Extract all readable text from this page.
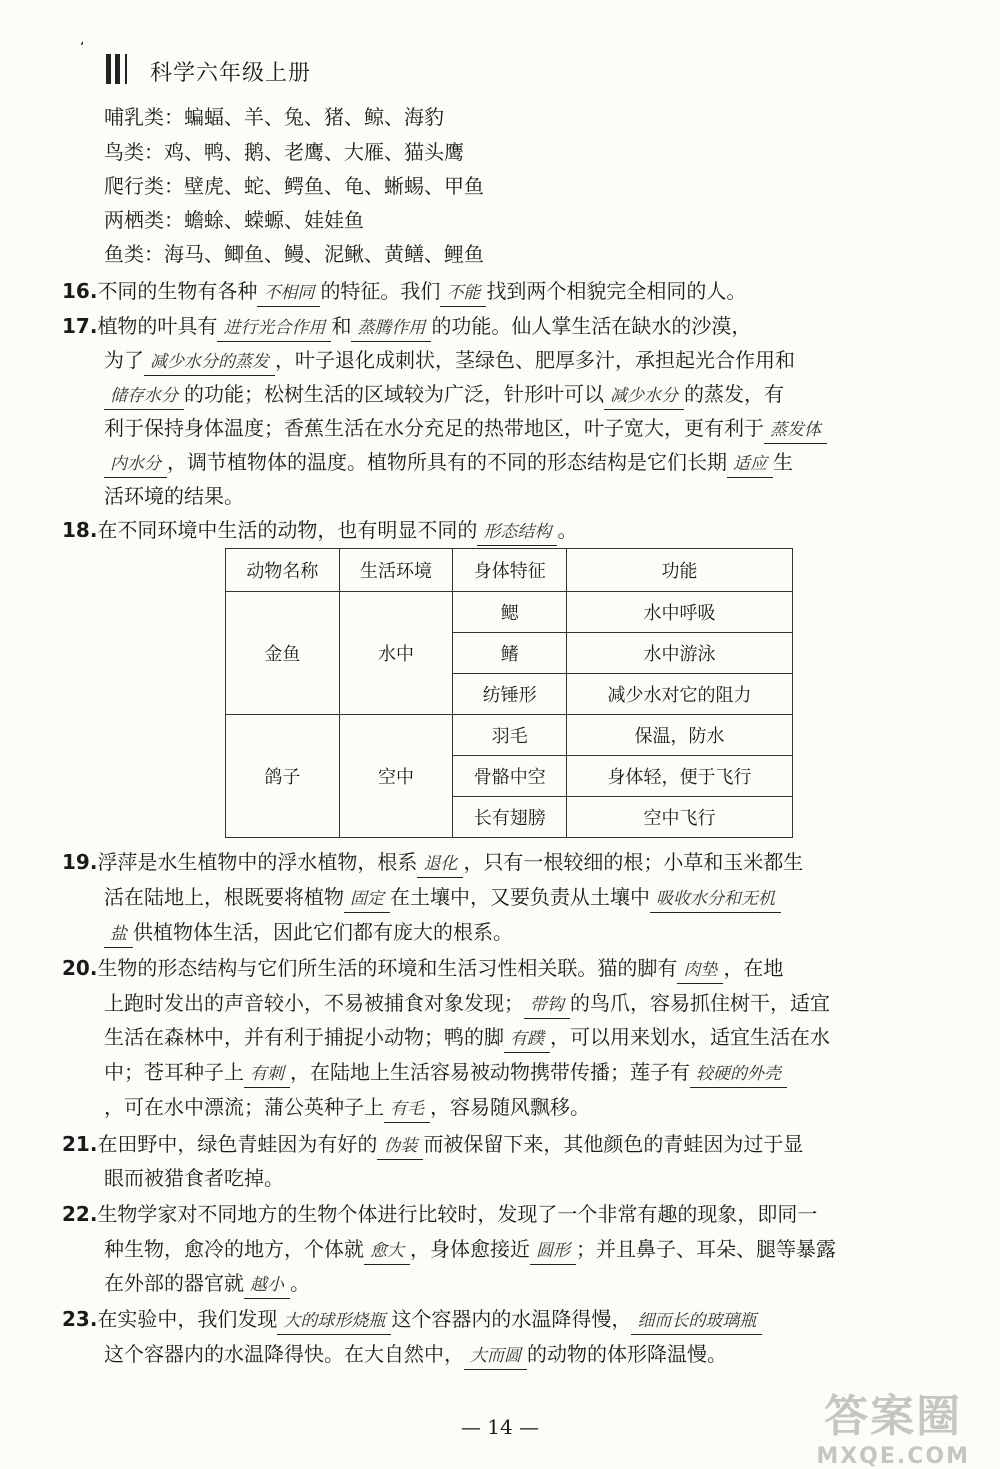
科学六年级上册
ʻ
哺乳类：蝙蝠、羊、兔、猪、鲸、海豹
鸟类：鸡、鸭、鹅、老鹰、大雁、猫头鹰
爬行类：壁虎、蛇、鳄鱼、龟、蜥蜴、甲鱼
两栖类：蟾蜍、蝾螈、娃娃鱼
鱼类：海马、鲫鱼、鳗、泥鳅、黄鳝、鲤鱼
16.不同的生物有各种 不相同 的特征。我们 不能 找到两个相貌完全相同的人。
17.植物的叶具有 进行光合作用 和 蒸腾作用 的功能。仙人掌生活在缺水的沙漠，
为了 减少水分的蒸发 ，叶子退化成刺状，茎绿色、肥厚多汁，承担起光合作用和
储存水分 的功能；松树生活的区域较为广泛，针形叶可以 减少水分 的蒸发，有
利于保持身体温度；香蕉生活在水分充足的热带地区，叶子宽大，更有利于 蒸发体
内水分 ，调节植物体的温度。植物所具有的不同的形态结构是它们长期 适应 生
活环境的结果。
18.在不同环境中生活的动物，也有明显不同的 形态结构 。
动物名称	生活环境	身体特征	功能
金鱼	水中	鳃	水中呼吸
		鳍	水中游泳
		纺锤形	减少水对它的阻力
鸽子	空中	羽毛	保温，防水
		骨骼中空	身体轻，便于飞行
		长有翅膀	空中飞行
19.浮萍是水生植物中的浮水植物，根系 退化 ，只有一根较细的根；小草和玉米都生
活在陆地上，根既要将植物 固定 在土壤中，又要负责从土壤中 吸收水分和无机
盐 供植物体生活，因此它们都有庞大的根系。
20.生物的形态结构与它们所生活的环境和生活习性相关联。猫的脚有 肉垫 ，在地
上跑时发出的声音较小，不易被捕食对象发现； 带钩 的鸟爪，容易抓住树干，适宜
生活在森林中，并有利于捕捉小动物；鸭的脚 有蹼 ，可以用来划水，适宜生活在水
中；苍耳种子上 有刺 ，在陆地上生活容易被动物携带传播；莲子有 较硬的外壳
，可在水中漂流；蒲公英种子上 有毛 ，容易随风飘移。
21.在田野中，绿色青蛙因为有好的 伪装 而被保留下来，其他颜色的青蛙因为过于显
眼而被猎食者吃掉。
22.生物学家对不同地方的生物个体进行比较时，发现了一个非常有趣的现象，即同一
种生物，愈冷的地方，个体就 愈大 ，身体愈接近 圆形 ；并且鼻子、耳朵、腿等暴露
在外部的器官就 越小 。
23.在实验中，我们发现 大的球形烧瓶 这个容器内的水温降得慢， 细而长的玻璃瓶
这个容器内的水温降得快。在大自然中， 大而圆 的动物的体形降温慢。
— 14 —	答案圈
MXQE.COM
